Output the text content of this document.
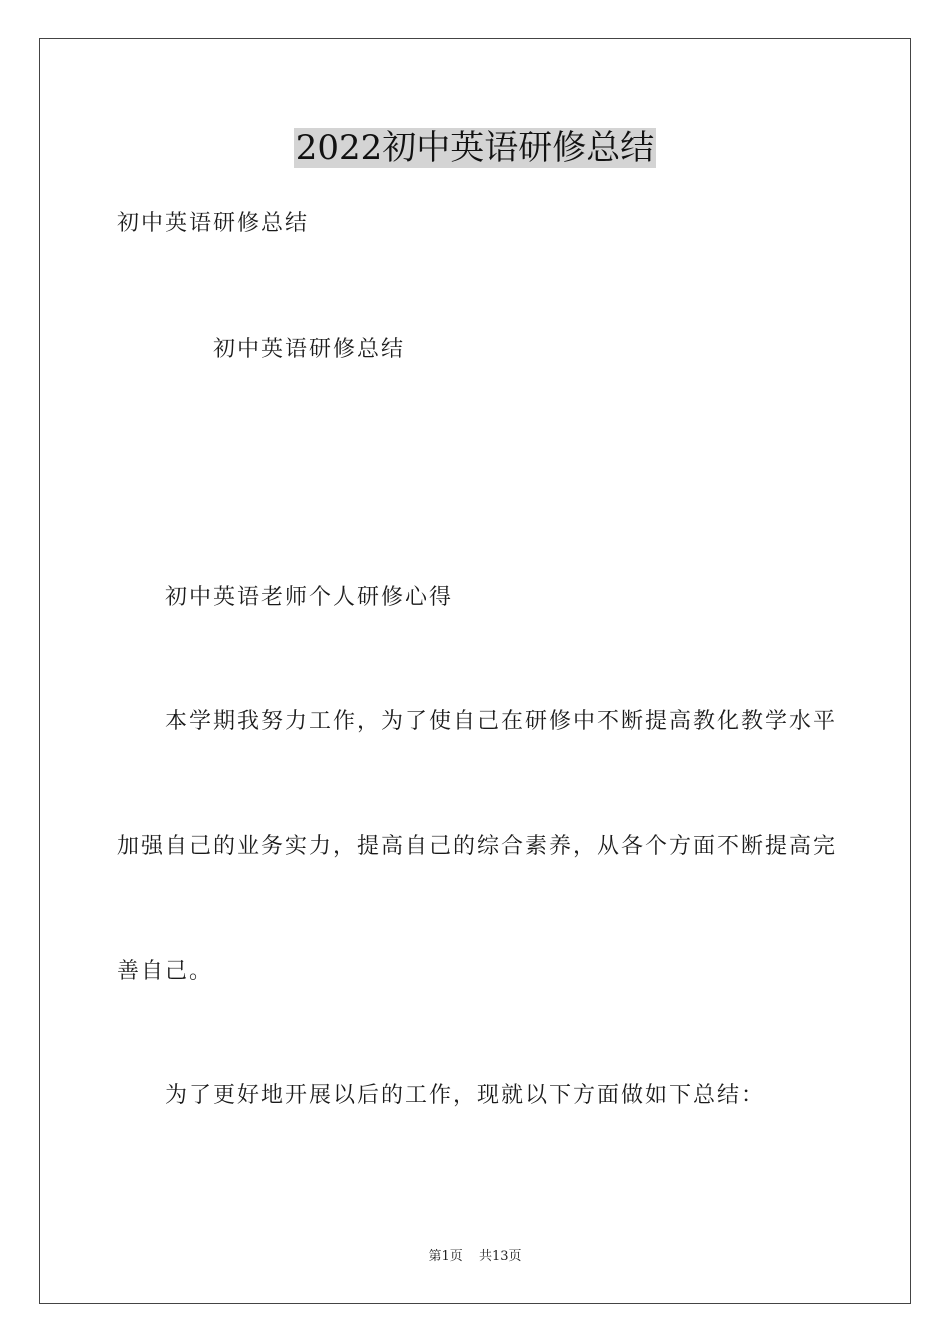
2022初中英语研修总结
初中英语研修总结
初中英语研修总结
初中英语老师个人研修心得
本学期我努力工作，为了使自己在研修中不断提高教化教学水平
加强自己的业务实力，提高自己的综合素养，从各个方面不断提高完
善自己。
为了更好地开展以后的工作，现就以下方面做如下总结：
第1页 共13页
